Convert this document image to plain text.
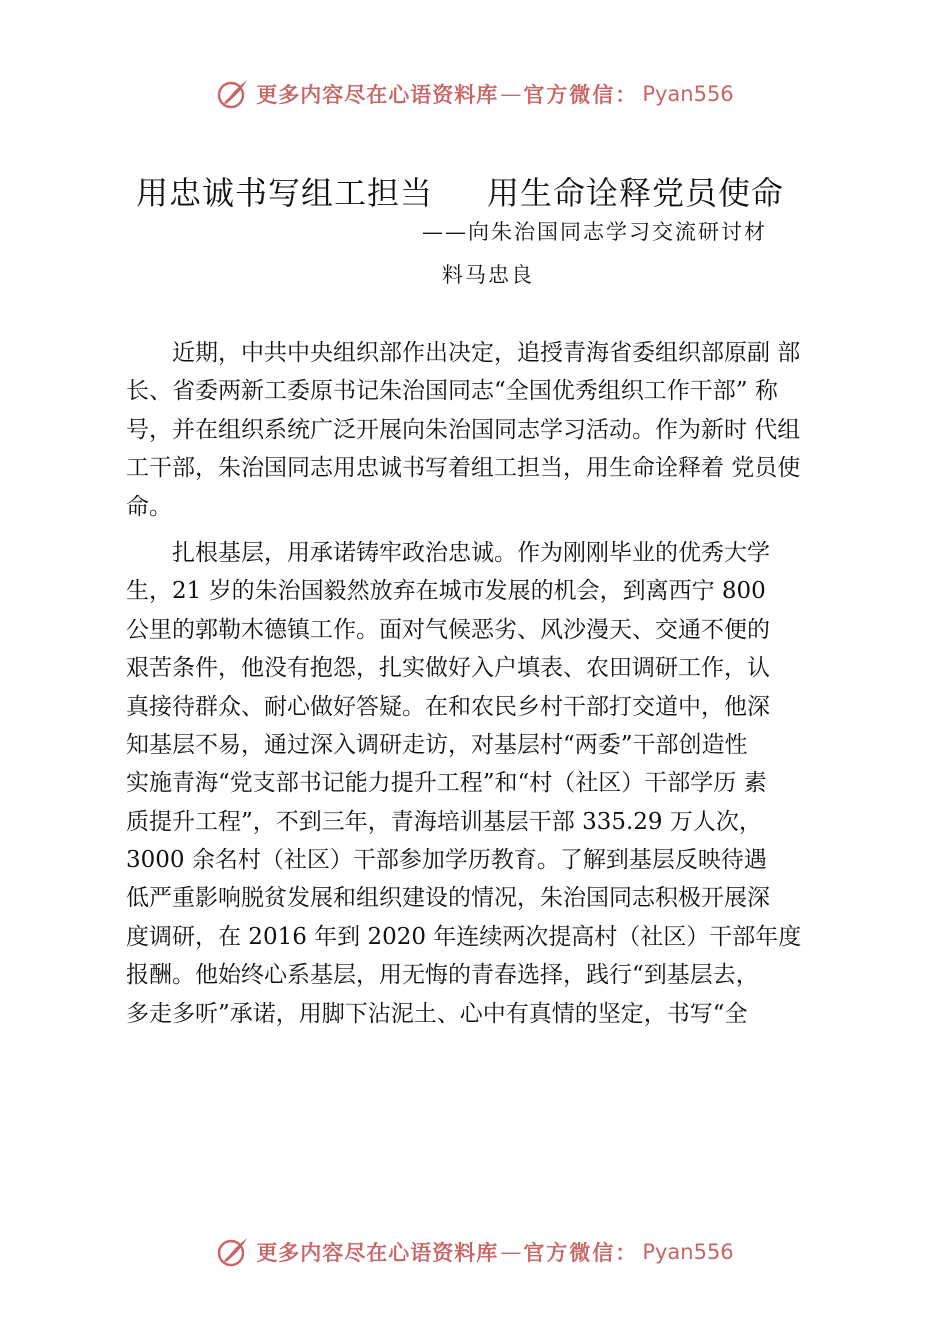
更多内容尽在心语资料库 — 官方微信： Pyan556
用忠诚书写组工担当 用生命诠释党员使命
——向朱治国同志学习交流研讨材
料马忠良
　　近期，中共中央组织部作出决定，追授青海省委组织部原副 部
长、省委两新工委原书记朱治国同志“全国优秀组织工作干部” 称
号，并在组织系统广泛开展向朱治国同志学习活动。作为新时 代组
工干部，朱治国同志用忠诚书写着组工担当，用生命诠释着 党员使
命。
　　扎根基层，用承诺铸牢政治忠诚。作为刚刚毕业的优秀大学
生，21 岁的朱治国毅然放弃在城市发展的机会，到离西宁 800
公里的郭勒木德镇工作。面对气候恶劣、风沙漫天、交通不便的
艰苦条件，他没有抱怨，扎实做好入户填表、农田调研工作，认
真接待群众、耐心做好答疑。在和农民乡村干部打交道中，他深
知基层不易，通过深入调研走访，对基层村“两委”干部创造性
实施青海“党支部书记能力提升工程”和“村（社区）干部学历 素
质提升工程”，不到三年，青海培训基层干部 335.29 万人次，
3000 余名村（社区）干部参加学历教育。了解到基层反映待遇
低严重影响脱贫发展和组织建设的情况，朱治国同志积极开展深
度调研，在 2016 年到 2020 年连续两次提高村（社区）干部年度
报酬。他始终心系基层，用无悔的青春选择，践行“到基层去，
多走多听”承诺，用脚下沾泥土、心中有真情的坚定，书写“全
更多内容尽在心语资料库 — 官方微信： Pyan556
